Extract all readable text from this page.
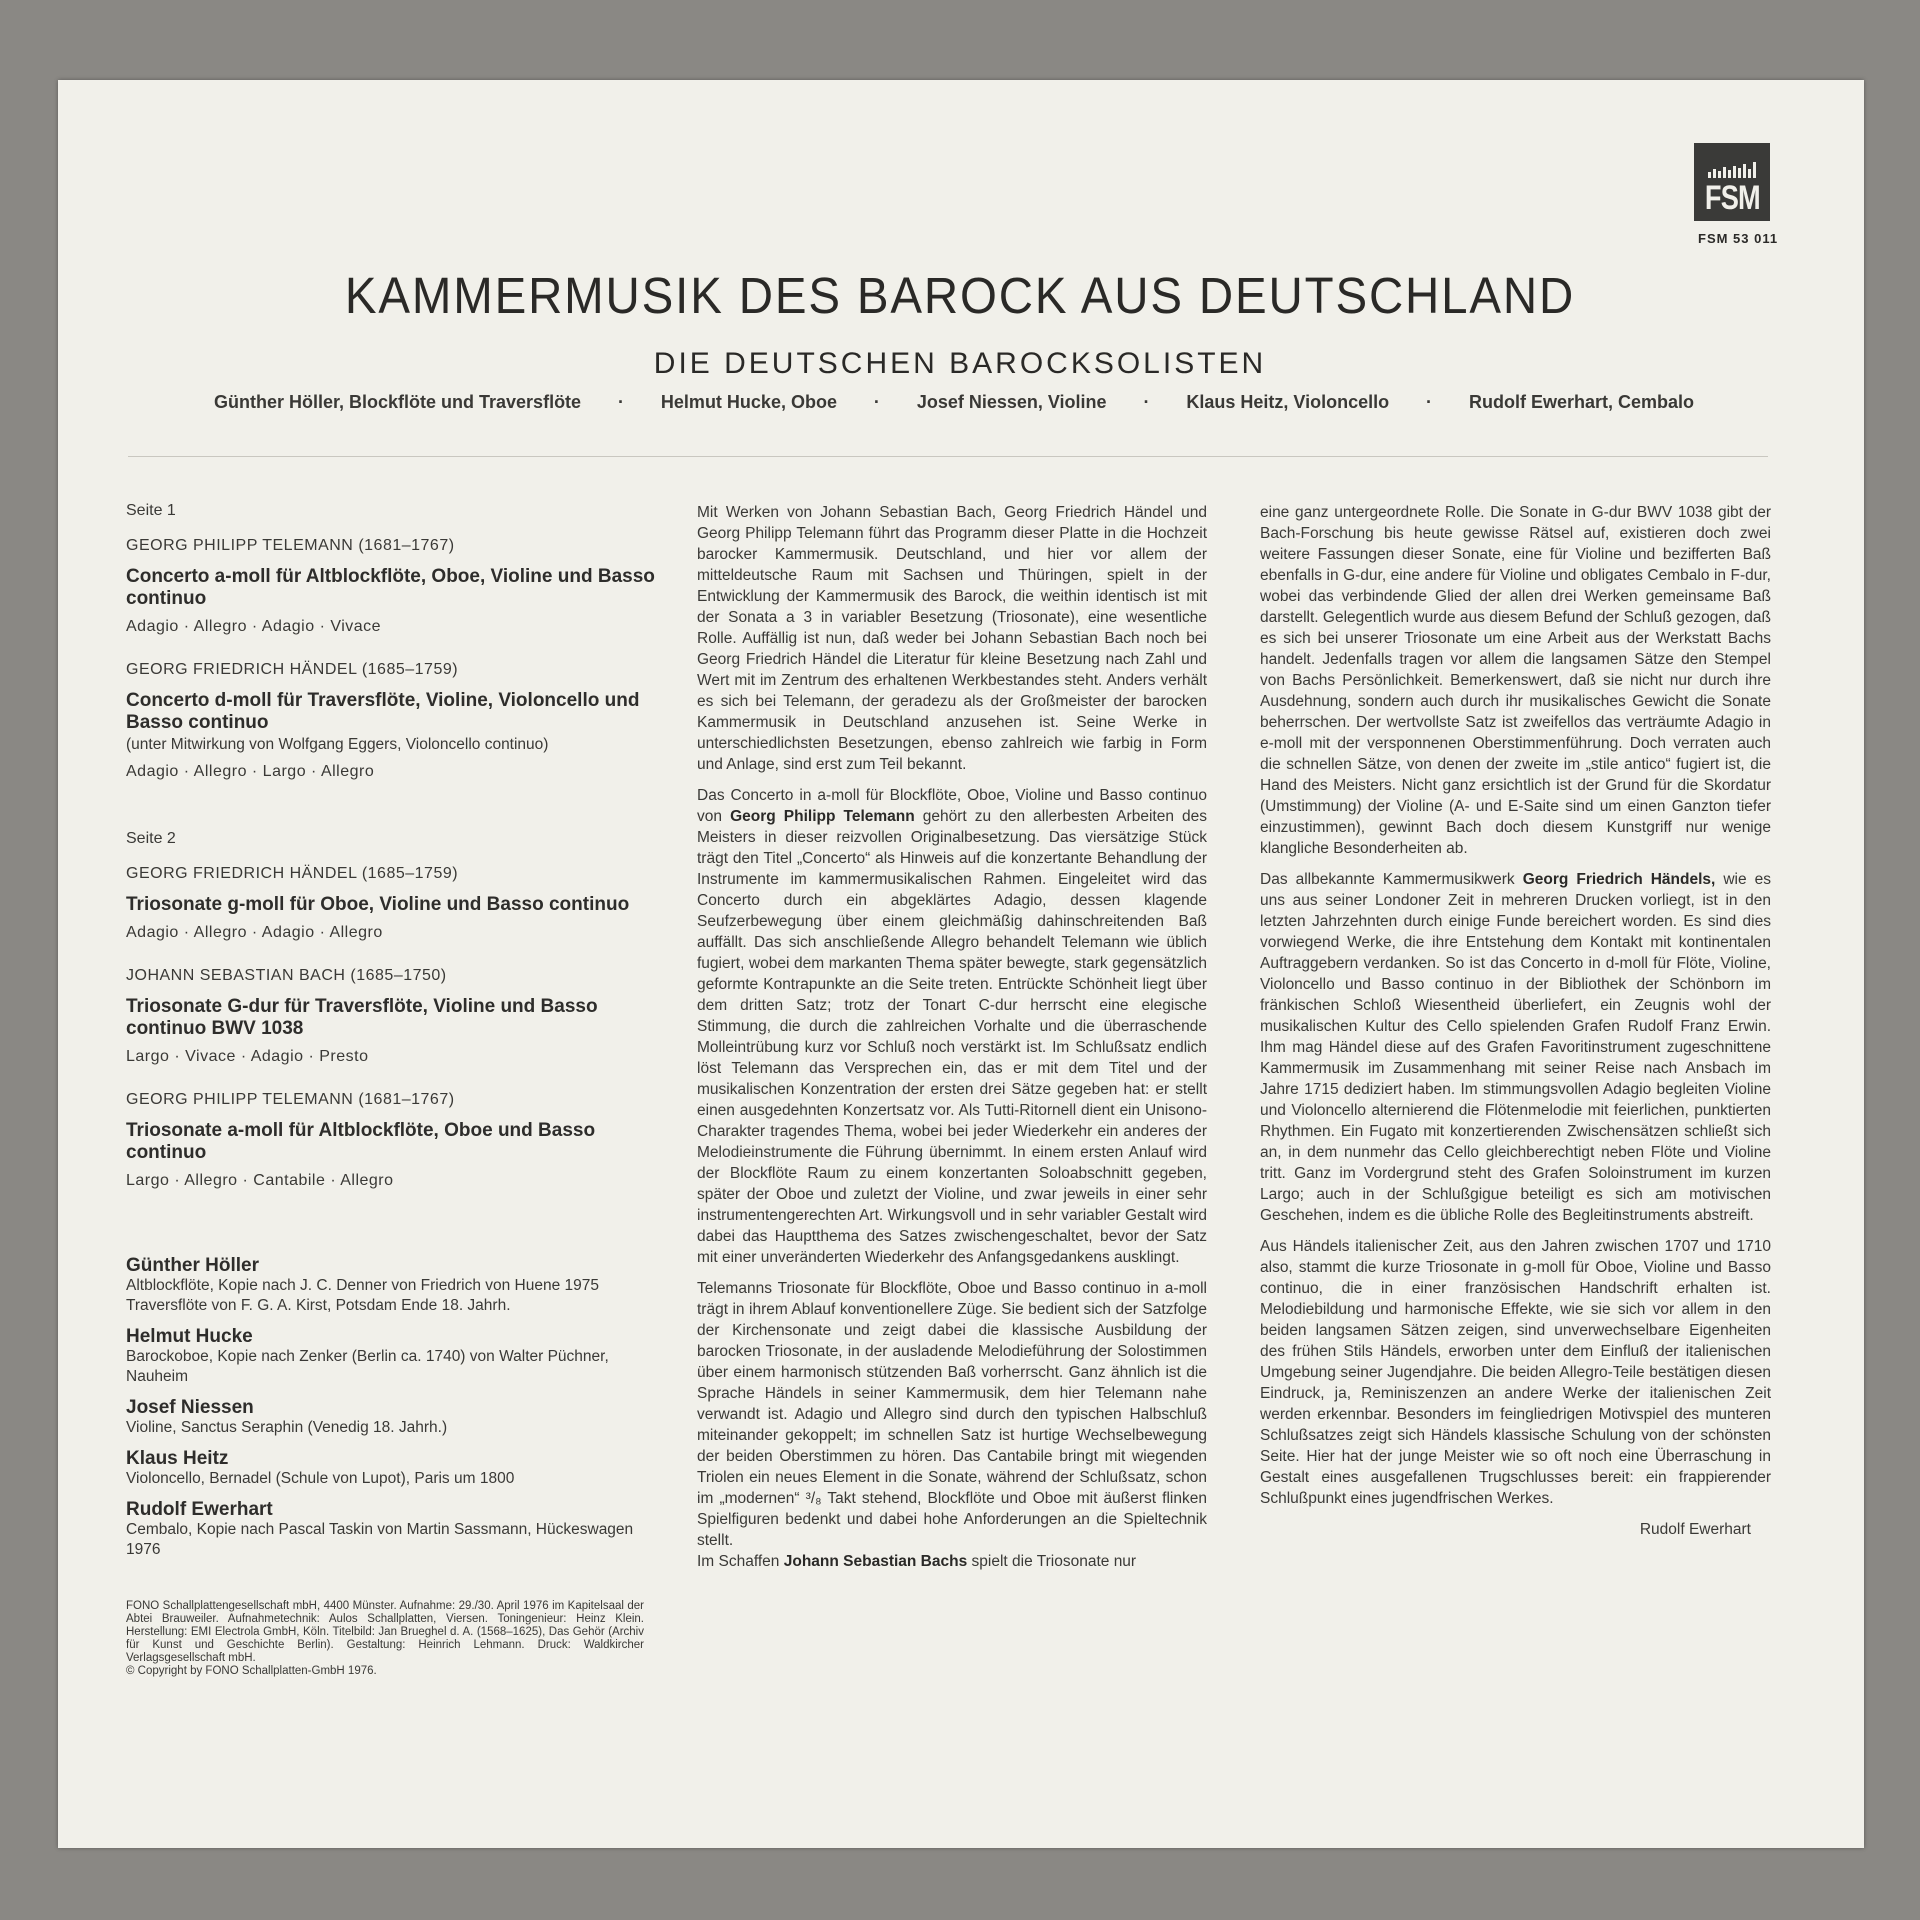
FSM
FSM 53 011
KAMMERMUSIK DES BAROCK AUS DEUTSCHLAND
DIE DEUTSCHEN BAROCKSOLISTEN
Günther Höller, Blockflöte und Traversflöte	·	Helmut Hucke, Oboe	·	Josef Niessen, Violine	·	Klaus Heitz, Violoncello	·	Rudolf Ewerhart, Cembalo
Seite 1
GEORG PHILIPP TELEMANN (1681–1767)
Concerto a-moll für Altblockflöte, Oboe, Violine und Basso continuo
Adagio · Allegro · Adagio · Vivace
GEORG FRIEDRICH HÄNDEL (1685–1759)
Concerto d-moll für Traversflöte, Violine, Violoncello und Basso continuo
(unter Mitwirkung von Wolfgang Eggers, Violoncello continuo)
Adagio · Allegro · Largo · Allegro
Seite 2
GEORG FRIEDRICH HÄNDEL (1685–1759)
Triosonate g-moll für Oboe, Violine und Basso continuo
Adagio · Allegro · Adagio · Allegro
JOHANN SEBASTIAN BACH (1685–1750)
Triosonate G-dur für Traversflöte, Violine und Basso continuo BWV 1038
Largo · Vivace · Adagio · Presto
GEORG PHILIPP TELEMANN (1681–1767)
Triosonate a-moll für Altblockflöte, Oboe und Basso continuo
Largo · Allegro · Cantabile · Allegro
Günther Höller
Altblockflöte, Kopie nach J. C. Denner von Friedrich von Huene 1975
Traversflöte von F. G. A. Kirst, Potsdam Ende 18. Jahrh.
Helmut Hucke
Barockoboe, Kopie nach Zenker (Berlin ca. 1740) von Walter Püchner, Nauheim
Josef Niessen
Violine, Sanctus Seraphin (Venedig 18. Jahrh.)
Klaus Heitz
Violoncello, Bernadel (Schule von Lupot), Paris um 1800
Rudolf Ewerhart
Cembalo, Kopie nach Pascal Taskin von Martin Sassmann, Hückeswagen 1976
FONO Schallplattengesellschaft mbH, 4400 Münster. Aufnahme: 29./30. April 1976 im Kapitelsaal der Abtei Brauweiler. Aufnahmetechnik: Aulos Schallplatten, Viersen. Toningenieur: Heinz Klein. Herstellung: EMI Electrola GmbH, Köln. Titelbild: Jan Brueghel d. A. (1568–1625), Das Gehör (Archiv für Kunst und Geschichte Berlin). Gestaltung: Heinrich Lehmann. Druck: Waldkircher Verlagsgesellschaft mbH.
© Copyright by FONO Schallplatten-GmbH 1976.

Mit Werken von Johann Sebastian Bach, Georg Friedrich Händel und Georg Philipp Telemann führt das Programm dieser Platte in die Hochzeit barocker Kammermusik. Deutschland, und hier vor allem der mitteldeutsche Raum mit Sachsen und Thüringen, spielt in der Entwicklung der Kammermusik des Barock, die weithin identisch ist mit der Sonata a 3 in variabler Besetzung (Triosonate), eine wesentliche Rolle. Auffällig ist nun, daß weder bei Johann Sebastian Bach noch bei Georg Friedrich Händel die Literatur für kleine Besetzung nach Zahl und Wert mit im Zentrum des erhaltenen Werkbestandes steht. Anders verhält es sich bei Telemann, der geradezu als der Großmeister der barocken Kammermusik in Deutschland anzusehen ist. Seine Werke in unterschiedlichsten Besetzungen, ebenso zahlreich wie farbig in Form und Anlage, sind erst zum Teil bekannt.

Das Concerto in a-moll für Blockflöte, Oboe, Violine und Basso continuo von Georg Philipp Telemann gehört zu den allerbesten Arbeiten des Meisters in dieser reizvollen Originalbesetzung. Das viersätzige Stück trägt den Titel „Concerto“ als Hinweis auf die konzertante Behandlung der Instrumente im kammermusikalischen Rahmen. Eingeleitet wird das Concerto durch ein abgeklärtes Adagio, dessen klagende Seufzerbewegung über einem gleichmäßig dahinschreitenden Baß auffällt. Das sich anschließende Allegro behandelt Telemann wie üblich fugiert, wobei dem markanten Thema später bewegte, stark gegensätzlich geformte Kontrapunkte an die Seite treten. Entrückte Schönheit liegt über dem dritten Satz; trotz der Tonart C-dur herrscht eine elegische Stimmung, die durch die zahlreichen Vorhalte und die überraschende Molleintrübung kurz vor Schluß noch verstärkt ist. Im Schlußsatz endlich löst Telemann das Versprechen ein, das er mit dem Titel und der musikalischen Konzentration der ersten drei Sätze gegeben hat: er stellt einen ausgedehnten Konzertsatz vor. Als Tutti-Ritornell dient ein Unisono-Charakter tragendes Thema, wobei bei jeder Wiederkehr ein anderes der Melodieinstrumente die Führung übernimmt. In einem ersten Anlauf wird der Blockflöte Raum zu einem konzertanten Soloabschnitt gegeben, später der Oboe und zuletzt der Violine, und zwar jeweils in einer sehr instrumentengerechten Art. Wirkungsvoll und in sehr variabler Gestalt wird dabei das Hauptthema des Satzes zwischengeschaltet, bevor der Satz mit einer unveränderten Wiederkehr des Anfangsgedankens ausklingt.

Telemanns Triosonate für Blockflöte, Oboe und Basso continuo in a-moll trägt in ihrem Ablauf konventionellere Züge. Sie bedient sich der Satzfolge der Kirchensonate und zeigt dabei die klassische Ausbildung der barocken Triosonate, in der ausladende Melodieführung der Solostimmen über einem harmonisch stützenden Baß vorherrscht. Ganz ähnlich ist die Sprache Händels in seiner Kammermusik, dem hier Telemann nahe verwandt ist. Adagio und Allegro sind durch den typischen Halbschluß miteinander gekoppelt; im schnellen Satz ist hurtige Wechselbewegung der beiden Oberstimmen zu hören. Das Cantabile bringt mit wiegenden Triolen ein neues Element in die Sonate, während der Schlußsatz, schon im „modernen“ ³/₈ Takt stehend, Blockflöte und Oboe mit äußerst flinken Spielfiguren bedenkt und dabei hohe Anforderungen an die Spieltechnik stellt.

Im Schaffen Johann Sebastian Bachs spielt die Triosonate nur

eine ganz untergeordnete Rolle. Die Sonate in G-dur BWV 1038 gibt der Bach-Forschung bis heute gewisse Rätsel auf, existieren doch zwei weitere Fassungen dieser Sonate, eine für Violine und bezifferten Baß ebenfalls in G-dur, eine andere für Violine und obligates Cembalo in F-dur, wobei das verbindende Glied der allen drei Werken gemeinsame Baß darstellt. Gelegentlich wurde aus diesem Befund der Schluß gezogen, daß es sich bei unserer Triosonate um eine Arbeit aus der Werkstatt Bachs handelt. Jedenfalls tragen vor allem die langsamen Sätze den Stempel von Bachs Persönlichkeit. Bemerkenswert, daß sie nicht nur durch ihre Ausdehnung, sondern auch durch ihr musikalisches Gewicht die Sonate beherrschen. Der wertvollste Satz ist zweifellos das verträumte Adagio in e-moll mit der versponnenen Oberstimmenführung. Doch verraten auch die schnellen Sätze, von denen der zweite im „stile antico“ fugiert ist, die Hand des Meisters. Nicht ganz ersichtlich ist der Grund für die Skordatur (Umstimmung) der Violine (A- und E-Saite sind um einen Ganzton tiefer einzustimmen), gewinnt Bach doch diesem Kunstgriff nur wenige klangliche Besonderheiten ab.

Das allbekannte Kammermusikwerk Georg Friedrich Händels, wie es uns aus seiner Londoner Zeit in mehreren Drucken vorliegt, ist in den letzten Jahrzehnten durch einige Funde bereichert worden. Es sind dies vorwiegend Werke, die ihre Entstehung dem Kontakt mit kontinentalen Auftraggebern verdanken. So ist das Concerto in d-moll für Flöte, Violine, Violoncello und Basso continuo in der Bibliothek der Schönborn im fränkischen Schloß Wiesentheid überliefert, ein Zeugnis wohl der musikalischen Kultur des Cello spielenden Grafen Rudolf Franz Erwin. Ihm mag Händel diese auf des Grafen Favoritinstrument zugeschnittene Kammermusik im Zusammenhang mit seiner Reise nach Ansbach im Jahre 1715 dediziert haben. Im stimmungsvollen Adagio begleiten Violine und Violoncello alternierend die Flötenmelodie mit feierlichen, punktierten Rhythmen. Ein Fugato mit konzertierenden Zwischensätzen schließt sich an, in dem nunmehr das Cello gleichberechtigt neben Flöte und Violine tritt. Ganz im Vordergrund steht des Grafen Soloinstrument im kurzen Largo; auch in der Schlußgigue beteiligt es sich am motivischen Geschehen, indem es die übliche Rolle des Begleitinstruments abstreift.

Aus Händels italienischer Zeit, aus den Jahren zwischen 1707 und 1710 also, stammt die kurze Triosonate in g-moll für Oboe, Violine und Basso continuo, die in einer französischen Handschrift erhalten ist. Melodiebildung und harmonische Effekte, wie sie sich vor allem in den beiden langsamen Sätzen zeigen, sind unverwechselbare Eigenheiten des frühen Stils Händels, erworben unter dem Einfluß der italienischen Umgebung seiner Jugendjahre. Die beiden Allegro-Teile bestätigen diesen Eindruck, ja, Reminiszenzen an andere Werke der italienischen Zeit werden erkennbar. Besonders im feingliedrigen Motivspiel des munteren Schlußsatzes zeigt sich Händels klassische Schulung von der schönsten Seite. Hier hat der junge Meister wie so oft noch eine Überraschung in Gestalt eines ausgefallenen Trugschlusses bereit: ein frappierender Schlußpunkt eines jugendfrischen Werkes.

Rudolf Ewerhart
